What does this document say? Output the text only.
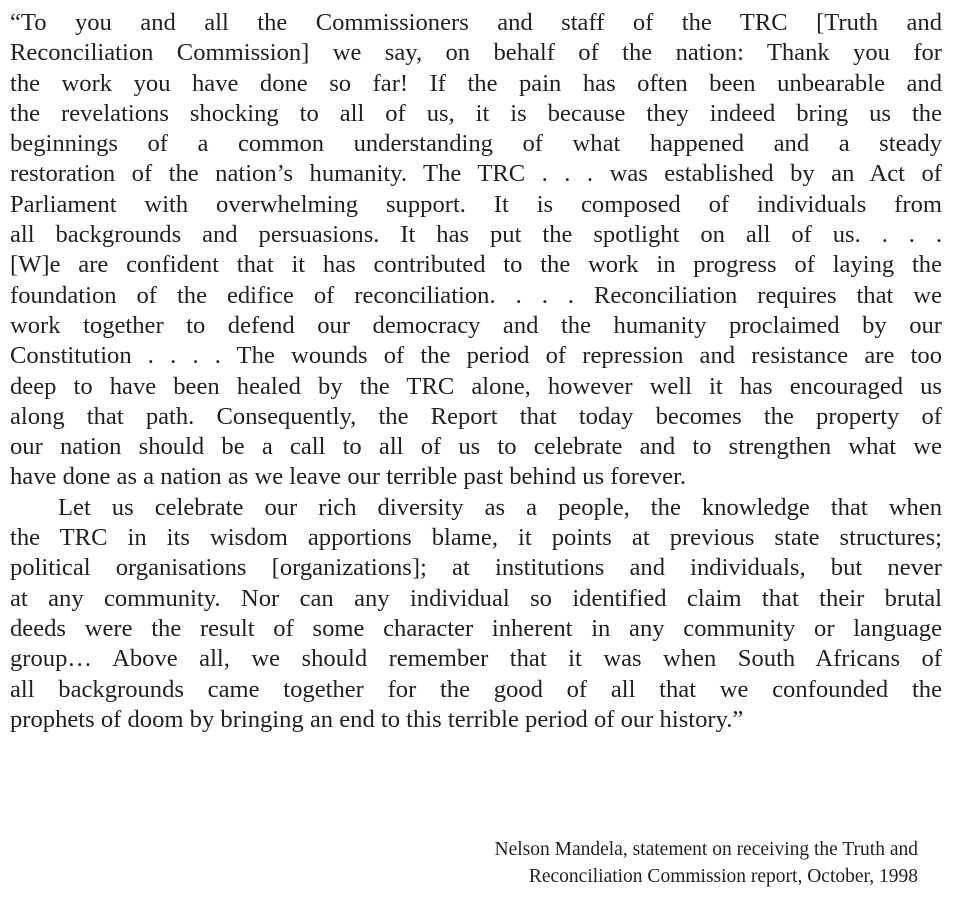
“To you and all the Commissioners and staff of the TRC [Truth and
Reconciliation Commission] we say, on behalf of the nation: Thank you for
the work you have done so far! If the pain has often been unbearable and
the revelations shocking to all of us, it is because they indeed bring us the
beginnings of a common understanding of what happened and a steady
restoration of the nation’s humanity. The TRC . . . was established by an Act of
Parliament with overwhelming support. It is composed of individuals from
all backgrounds and persuasions. It has put the spotlight on all of us. . . .
[W]e are confident that it has contributed to the work in progress of laying the
foundation of the edifice of reconciliation. . . . Reconciliation requires that we
work together to defend our democracy and the humanity proclaimed by our
Constitution . . . . The wounds of the period of repression and resistance are too
deep to have been healed by the TRC alone, however well it has encouraged us
along that path. Consequently, the Report that today becomes the property of
our nation should be a call to all of us to celebrate and to strengthen what we
have done as a nation as we leave our terrible past behind us forever.
Let us celebrate our rich diversity as a people, the knowledge that when
the TRC in its wisdom apportions blame, it points at previous state structures;
political organisations [organizations]; at institutions and individuals, but never
at any community. Nor can any individual so identified claim that their brutal
deeds were the result of some character inherent in any community or language
group… Above all, we should remember that it was when South Africans of
all backgrounds came together for the good of all that we confounded the
prophets of doom by bringing an end to this terrible period of our history.”
Nelson Mandela, statement on receiving the Truth and
Reconciliation Commission report, October, 1998
